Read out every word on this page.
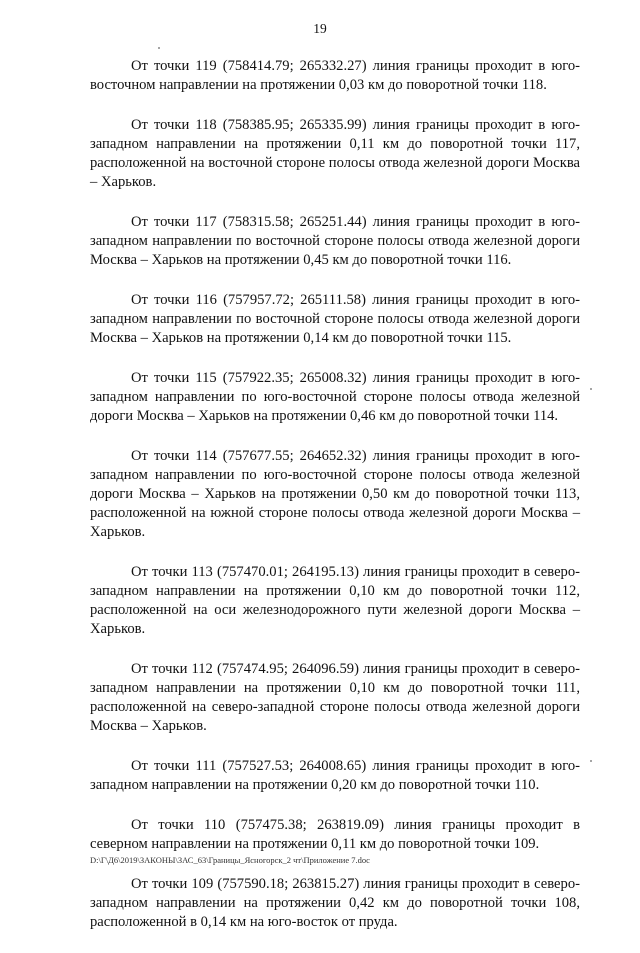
19

От точки 119 (758414.79; 265332.27) линия границы проходит в юго-восточном направлении на протяжении 0,03 км до поворотной точки 118.

От точки 118 (758385.95; 265335.99) линия границы проходит в юго-западном направлении на протяжении 0,11 км до поворотной точки 117, расположенной на восточной стороне полосы отвода железной дороги Москва – Харьков.

От точки 117 (758315.58; 265251.44) линия границы проходит в юго-западном направлении по восточной стороне полосы отвода железной дороги Москва – Харьков на протяжении 0,45 км до поворотной точки 116.

От точки 116 (757957.72; 265111.58) линия границы проходит в юго-западном направлении по восточной стороне полосы отвода железной дороги Москва – Харьков на протяжении 0,14 км до поворотной точки 115.

От точки 115 (757922.35; 265008.32) линия границы проходит в юго-западном направлении по юго-восточной стороне полосы отвода железной дороги Москва – Харьков на протяжении 0,46 км до поворотной точки 114.

От точки 114 (757677.55; 264652.32) линия границы проходит в юго-западном направлении по юго-восточной стороне полосы отвода железной дороги Москва – Харьков на протяжении 0,50 км до поворотной точки 113, расположенной на южной стороне полосы отвода железной дороги Москва – Харьков.

От точки 113 (757470.01; 264195.13) линия границы проходит в северо-западном направлении на протяжении 0,10 км до поворотной точки 112, расположенной на оси железнодорожного пути железной дороги Москва – Харьков.

От точки 112 (757474.95; 264096.59) линия границы проходит в северо-западном направлении на протяжении 0,10 км до поворотной точки 111, расположенной на северо-западной стороне полосы отвода железной дороги Москва – Харьков.

От точки 111 (757527.53; 264008.65) линия границы проходит в юго-западном направлении на протяжении 0,20 км до поворотной точки 110.

От точки 110 (757475.38; 263819.09) линия границы проходит в северном направлении на протяжении 0,11 км до поворотной точки 109.

От точки 109 (757590.18; 263815.27) линия границы проходит в северо-западном направлении на протяжении 0,42 км до поворотной точки 108, расположенной в 0,14 км на юго-восток от пруда.

D:\Г\Д6\2019\ЗАКОНЫ\ЗАС_63\Границы_Ясногорск_2 чт\Приложение 7.doc
